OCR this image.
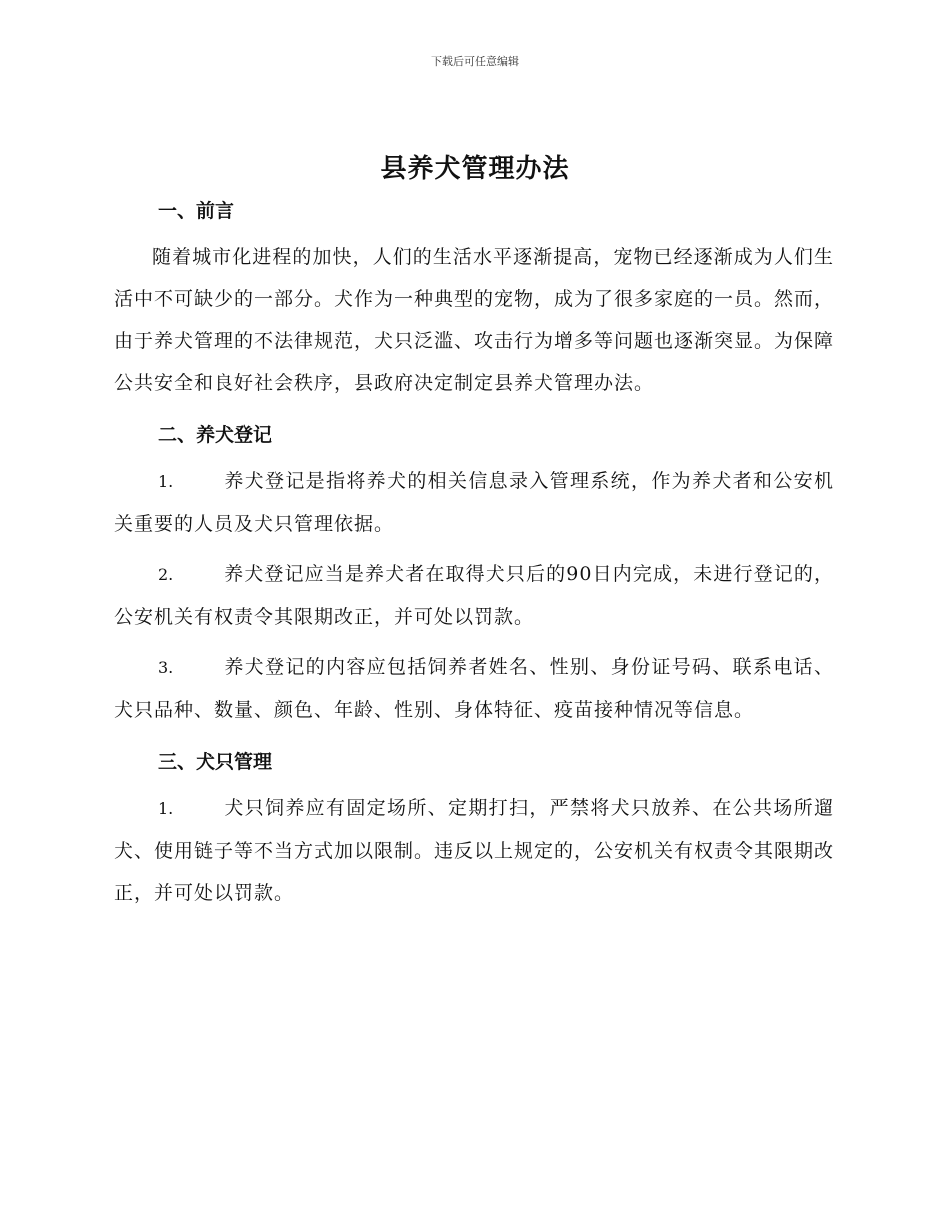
下载后可任意编辑
县养犬管理办法
一、前言

随着城市化进程的加快，人们的生活水平逐渐提高，宠物已经逐渐成为人们生活中不可缺少的一部分。犬作为一种典型的宠物，成为了很多家庭的一员。然而，由于养犬管理的不法律规范，犬只泛滥、攻击行为增多等问题也逐渐突显。为保障公共安全和良好社会秩序，县政府决定制定县养犬管理办法。

二、养犬登记

1.	养犬登记是指将养犬的相关信息录入管理系统，作为养犬者和公安机关重要的人员及犬只管理依据。

2.	养犬登记应当是养犬者在取得犬只后的90日内完成，未进行登记的，公安机关有权责令其限期改正，并可处以罚款。

3.	养犬登记的内容应包括饲养者姓名、性别、身份证号码、联系电话、犬只品种、数量、颜色、年龄、性别、身体特征、疫苗接种情况等信息。

三、犬只管理

1.	犬只饲养应有固定场所、定期打扫，严禁将犬只放养、在公共场所遛犬、使用链子等不当方式加以限制。违反以上规定的，公安机关有权责令其限期改正，并可处以罚款。
